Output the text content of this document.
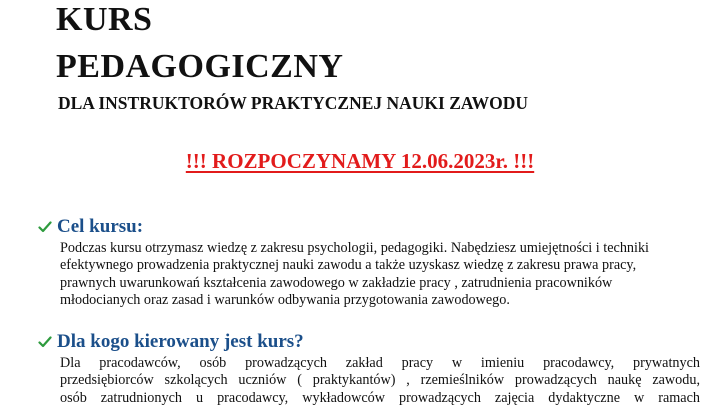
KURS
PEDAGOGICZNY
DLA INSTRUKTORÓW PRAKTYCZNEJ NAUKI ZAWODU

!!! ROZPOCZYNAMY 12.06.2023r. !!!

Cel kursu:
Podczas kursu otrzymasz wiedzę z zakresu psychologii, pedagogiki. Nabędziesz umiejętności i techniki
efektywnego prowadzenia praktycznej nauki zawodu a także uzyskasz wiedzę z zakresu prawa pracy,
prawnych uwarunkowań kształcenia zawodowego w zakładzie pracy , zatrudnienia pracowników
młodocianych oraz zasad i warunków odbywania przygotowania zawodowego.
Dla kogo kierowany jest kurs?
Dla pracodawców, osób prowadzących zakład pracy w imieniu pracodawcy, prywatnych
przedsiębiorców szkolących uczniów ( praktykantów) , rzemieślników prowadzących naukę zawodu,
osób zatrudnionych u pracodawcy, wykładowców prowadzących zajęcia dydaktyczne w ramach
